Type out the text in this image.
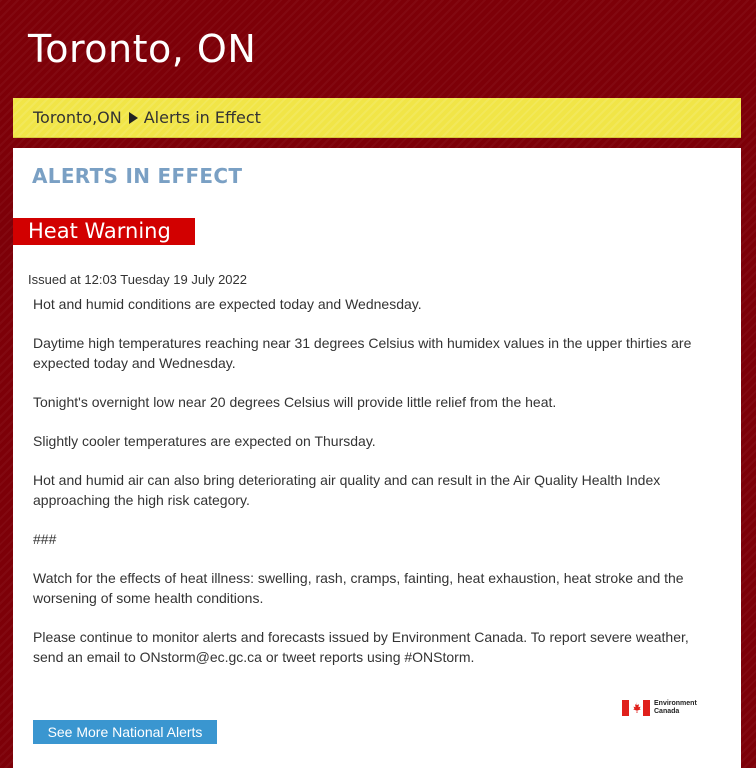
Toronto, ON
Toronto,ON Alerts in Effect
ALERTS IN EFFECT
Heat Warning
Issued at 12:03 Tuesday 19 July 2022

Hot and humid conditions are expected today and Wednesday.

Daytime high temperatures reaching near 31 degrees Celsius with humidex values in the upper thirties are expected today and Wednesday.

Tonight's overnight low near 20 degrees Celsius will provide little relief from the heat.

Slightly cooler temperatures are expected on Thursday.

Hot and humid air can also bring deteriorating air quality and can result in the Air Quality Health Index approaching the high risk category.

###

Watch for the effects of heat illness: swelling, rash, cramps, fainting, heat exhaustion, heat stroke and the worsening of some health conditions.

Please continue to monitor alerts and forecasts issued by Environment Canada. To report severe weather, send an email to ONstorm@ec.gc.ca or tweet reports using #ONStorm.

Environment
Canada
See More National Alerts
